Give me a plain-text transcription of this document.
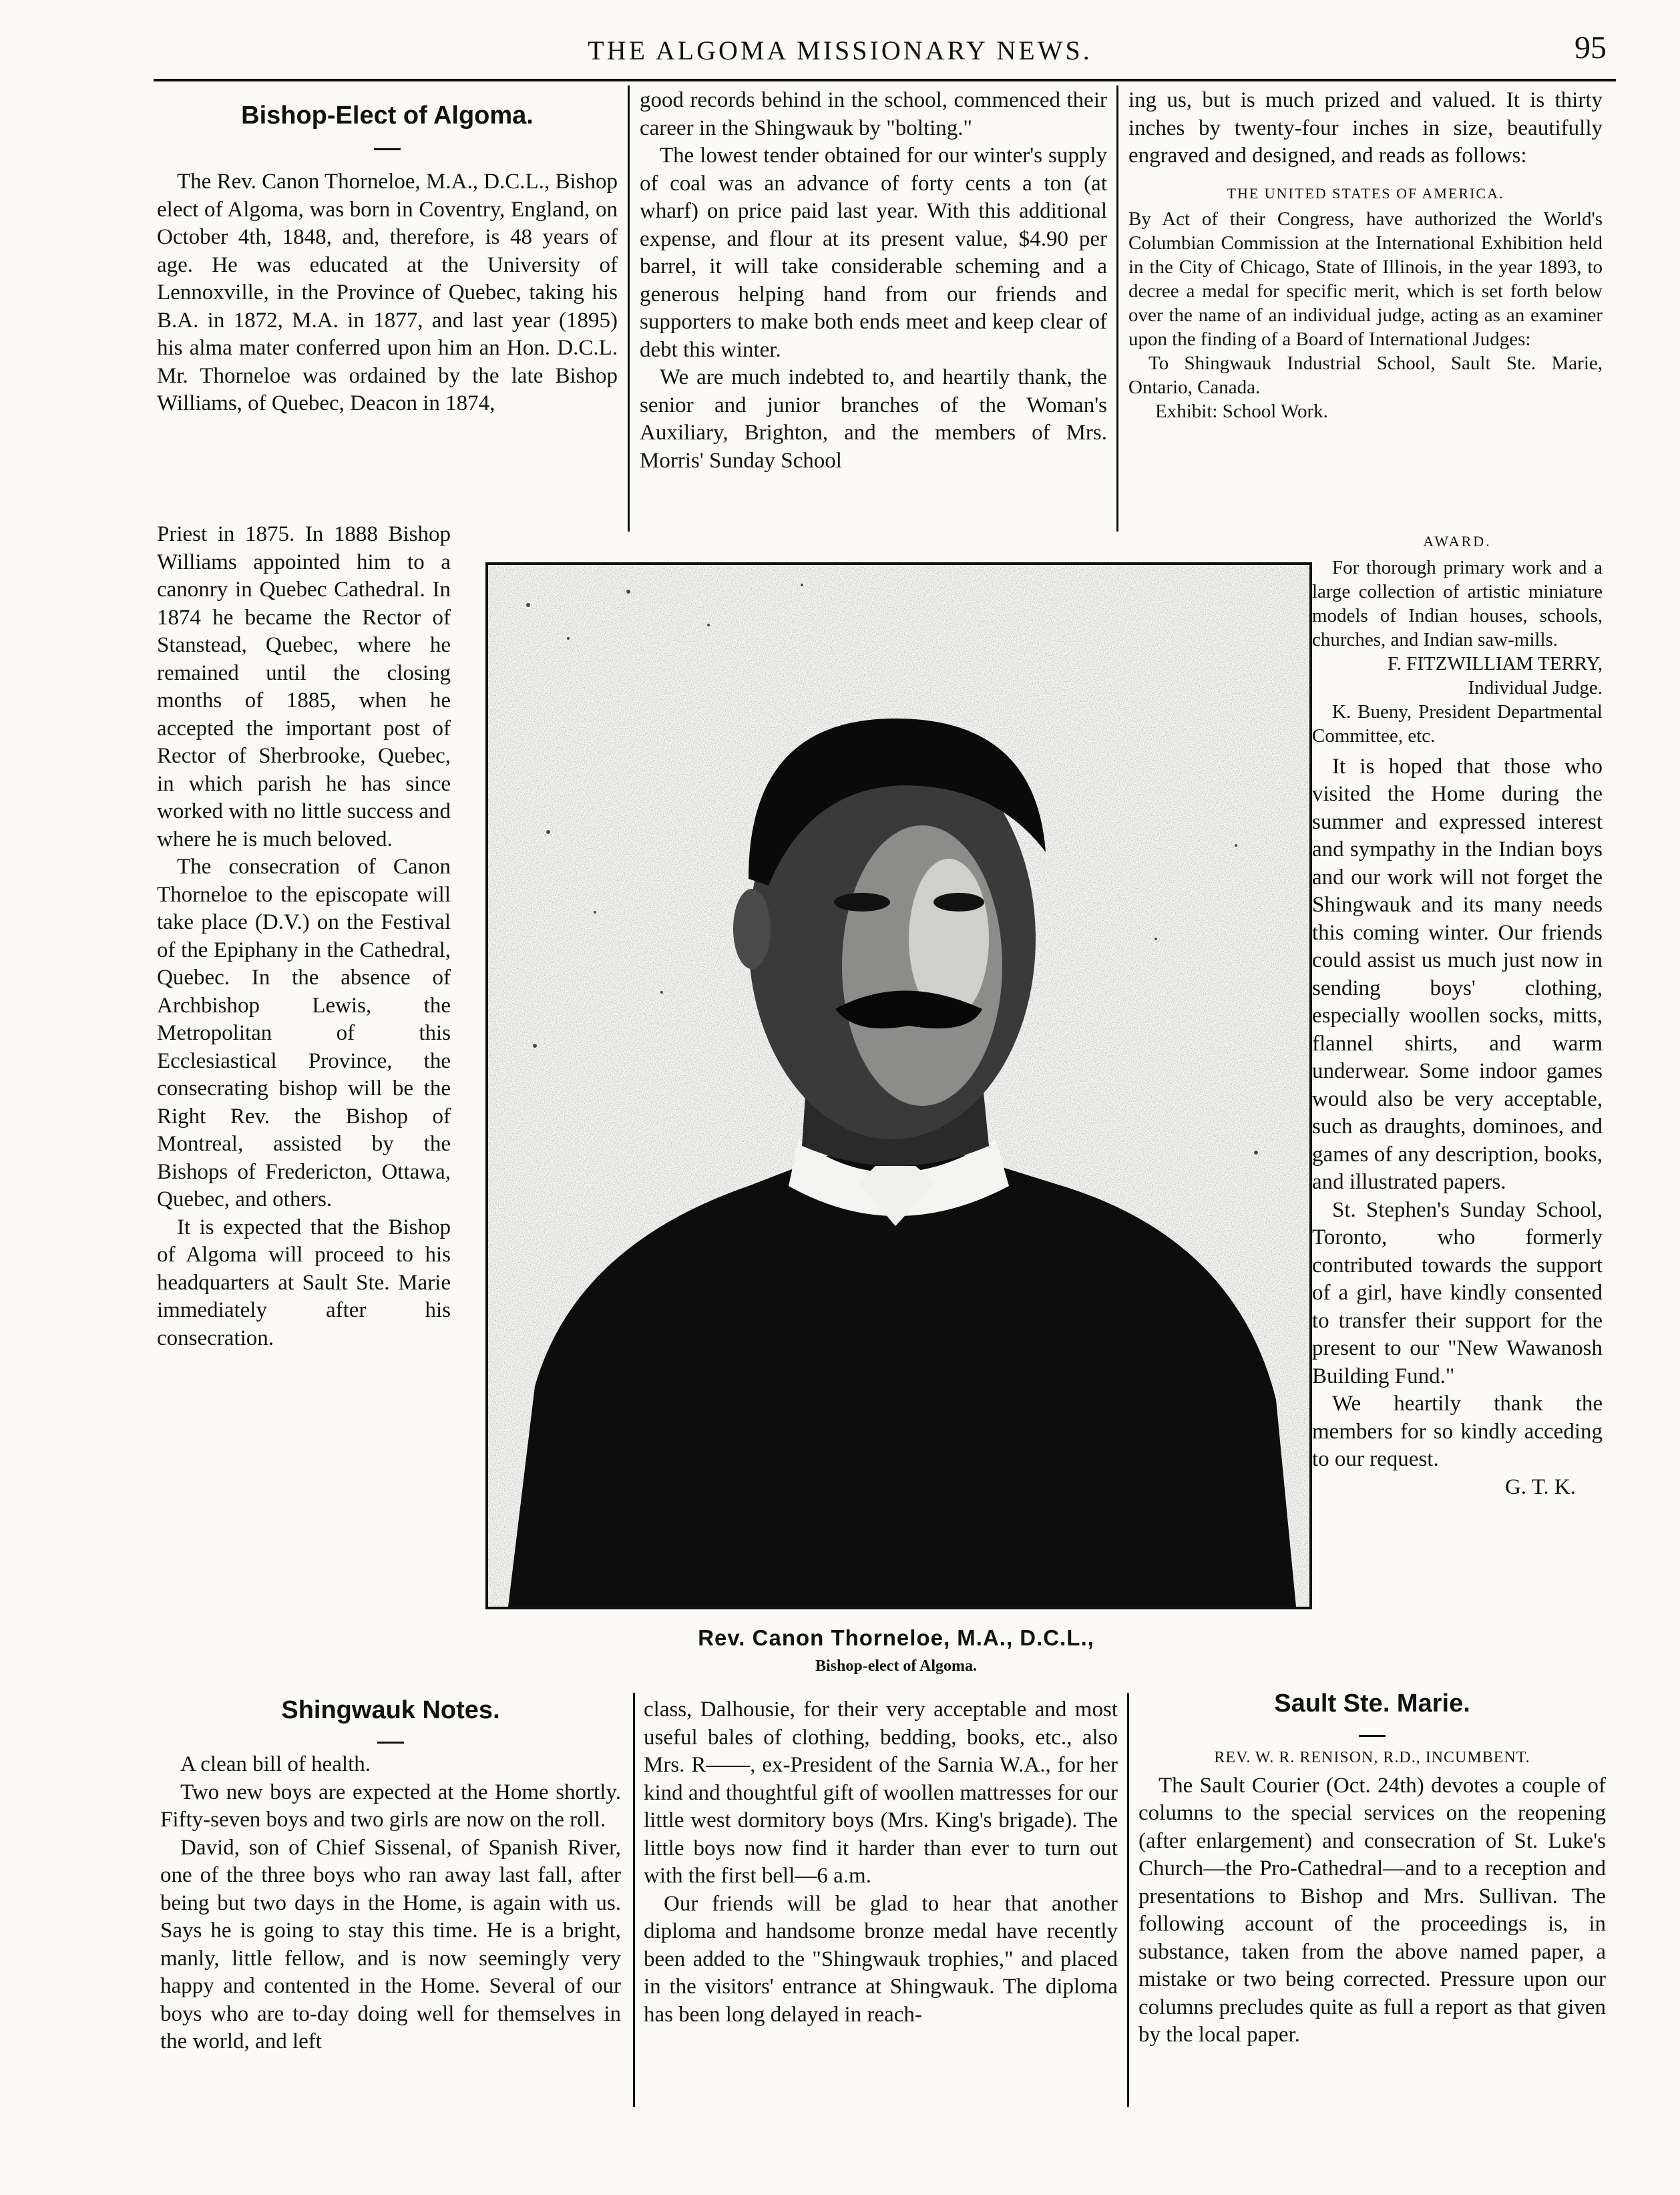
THE ALGOMA MISSIONARY NEWS.	95
Bishop-Elect of Algoma.

The Rev. Canon Thorneloe, M.A., D.C.L., Bishop elect of Algoma, was born in Coventry, England, on October 4th, 1848, and, therefore, is 48 years of age. He was educated at the University of Lennoxville, in the Province of Quebec, taking his B.A. in 1872, M.A. in 1877, and last year (1895) his alma mater conferred upon him an Hon. D.C.L. Mr. Thorneloe was ordained by the late Bishop Williams, of Quebec, Deacon in 1874,

Priest in 1875. In 1888 Bishop Williams appointed him to a canonry in Quebec Cathedral. In 1874 he became the Rector of Stanstead, Quebec, where he remained until the closing months of 1885, when he accepted the important post of Rector of Sherbrooke, Quebec, in which parish he has since worked with no little success and where he is much beloved.

The consecration of Canon Thorneloe to the episcopate will take place (D.V.) on the Festival of the Epiphany in the Cathedral, Quebec. In the absence of Archbishop Lewis, the Metropolitan of this Ecclesiastical Province, the consecrating bishop will be the Right Rev. the Bishop of Montreal, assisted by the Bishops of Fredericton, Ottawa, Quebec, and others.

It is expected that the Bishop of Algoma will proceed to his headquarters at Sault Ste. Marie immediately after his consecration.

good records behind in the school, commenced their career in the Shingwauk by "bolting."

The lowest tender obtained for our winter's supply of coal was an advance of forty cents a ton (at wharf) on price paid last year. With this additional expense, and flour at its present value, $4.90 per barrel, it will take considerable scheming and a generous helping hand from our friends and supporters to make both ends meet and keep clear of debt this winter.

We are much indebted to, and heartily thank, the senior and junior branches of the Woman's Auxiliary, Brighton, and the members of Mrs. Morris' Sunday School

ing us, but is much prized and valued. It is thirty inches by twenty-four inches in size, beautifully engraved and designed, and reads as follows:

THE UNITED STATES OF AMERICA.

By Act of their Congress, have authorized the World's Columbian Commission at the International Exhibition held in the City of Chicago, State of Illinois, in the year 1893, to decree a medal for specific merit, which is set forth below over the name of an individual judge, acting as an examiner upon the finding of a Board of International Judges:

To Shingwauk Industrial School, Sault Ste. Marie, Ontario, Canada.

Exhibit: School Work.

AWARD.

For thorough primary work and a large collection of artistic miniature models of Indian houses, schools, churches, and Indian saw-mills.

F. FITZWILLIAM TERRY,
Individual Judge.

K. Bueny, President Departmental Committee, etc.

It is hoped that those who visited the Home during the summer and expressed interest and sympathy in the Indian boys and our work will not forget the Shingwauk and its many needs this coming winter. Our friends could assist us much just now in sending boys' clothing, especially woollen socks, mitts, flannel shirts, and warm underwear. Some indoor games would also be very acceptable, such as draughts, dominoes, and games of any description, books, and illustrated papers.

St. Stephen's Sunday School, Toronto, who formerly contributed towards the support of a girl, have kindly consented to transfer their support for the present to our "New Wawanosh Building Fund."

We heartily thank the members for so kindly acceding to our request.

G. T. K.
Rev. Canon Thorneloe, M.A., D.C.L.,
Bishop-elect of Algoma.
Shingwauk Notes.

A clean bill of health.

Two new boys are expected at the Home shortly. Fifty-seven boys and two girls are now on the roll.

David, son of Chief Sissenal, of Spanish River, one of the three boys who ran away last fall, after being but two days in the Home, is again with us. Says he is going to stay this time. He is a bright, manly, little fellow, and is now seemingly very happy and contented in the Home. Several of our boys who are to-day doing well for themselves in the world, and left

class, Dalhousie, for their very acceptable and most useful bales of clothing, bedding, books, etc., also Mrs. R——, ex-President of the Sarnia W.A., for her kind and thoughtful gift of woollen mattresses for our little west dormitory boys (Mrs. King's brigade). The little boys now find it harder than ever to turn out with the first bell—6 a.m.

Our friends will be glad to hear that another diploma and handsome bronze medal have recently been added to the "Shingwauk trophies," and placed in the visitors' entrance at Shingwauk. The diploma has been long delayed in reach-

Sault Ste. Marie.
REV. W. R. RENISON, R.D., INCUMBENT.

The Sault Courier (Oct. 24th) devotes a couple of columns to the special services on the reopening (after enlargement) and consecration of St. Luke's Church—the Pro-Cathedral—and to a reception and presentations to Bishop and Mrs. Sullivan. The following account of the proceedings is, in substance, taken from the above named paper, a mistake or two being corrected. Pressure upon our columns precludes quite as full a report as that given by the local paper.
